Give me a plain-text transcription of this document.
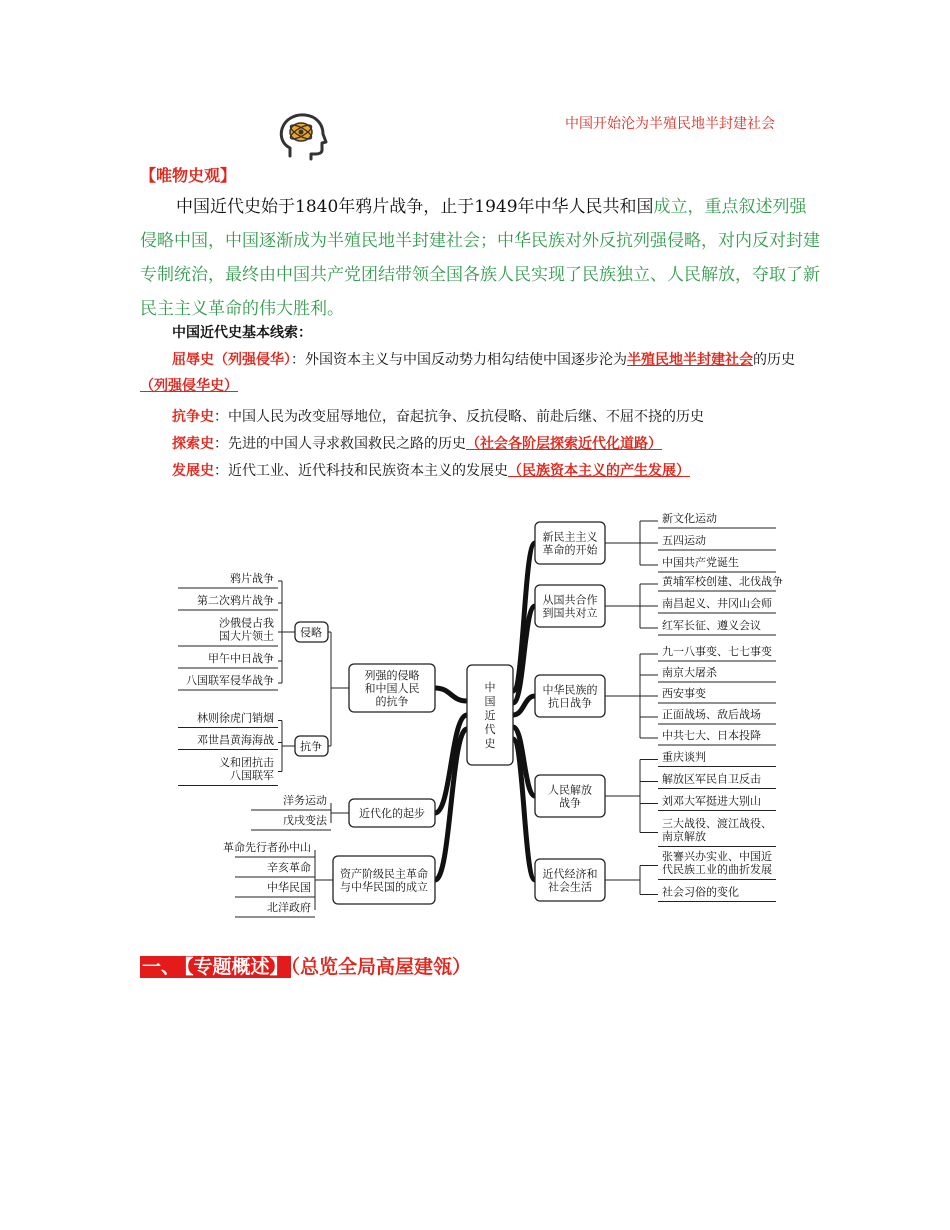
中国开始沦为半殖民地半封建社会
【唯物史观】
中国近代史始于1840年鸦片战争，止于1949年中华人民共和国成立，重点叙述列强侵略中国，中国逐渐成为半殖民地半封建社会；中华民族对外反抗列强侵略，对内反对封建专制统治，最终由中国共产党团结带领全国各族人民实现了民族独立、人民解放，夺取了新民主主义革命的伟大胜利。
中国近代史基本线索：
屈辱史（列强侵华）：外国资本主义与中国反动势力相勾结使中国逐步沦为半殖民地半封建社会的历史（列强侵华史）
抗争史：中国人民为改变屈辱地位，奋起抗争、反抗侵略、前赴后继、不屈不挠的历史
探索史：先进的中国人寻求救国救民之路的历史（社会各阶层探索近代化道路）
发展史：近代工业、近代科技和民族资本主义的发展史（民族资本主义的产生发展）
中
国
近
代
史
新民主主义
革命的开始
新文化运动
五四运动
中国共产党诞生
从国共合作
到国共对立
黄埔军校创建、北伐战争
南昌起义、井冈山会师
红军长征、遵义会议
中华民族的
抗日战争
九一八事变、七七事变
南京大屠杀
西安事变
正面战场、敌后战场
中共七大、日本投降
人民解放
战争
重庆谈判
解放区军民自卫反击
刘邓大军挺进大别山
三大战役、渡江战役、
南京解放
近代经济和
社会生活
张謇兴办实业、中国近
代民族工业的曲折发展
社会习俗的变化
列强的侵略
和中国人民
的抗争
侵略
鸦片战争
第二次鸦片战争
沙俄侵占我
国大片领土
甲午中日战争
八国联军侵华战争
抗争
林则徐虎门销烟
邓世昌黄海海战
义和团抗击
八国联军
近代化的起步
洋务运动
戊戌变法
资产阶级民主革命
与中华民国的成立
革命先行者孙中山
辛亥革命
中华民国
北洋政府
一、 【专题概述】 （总览全局高屋建瓴）
